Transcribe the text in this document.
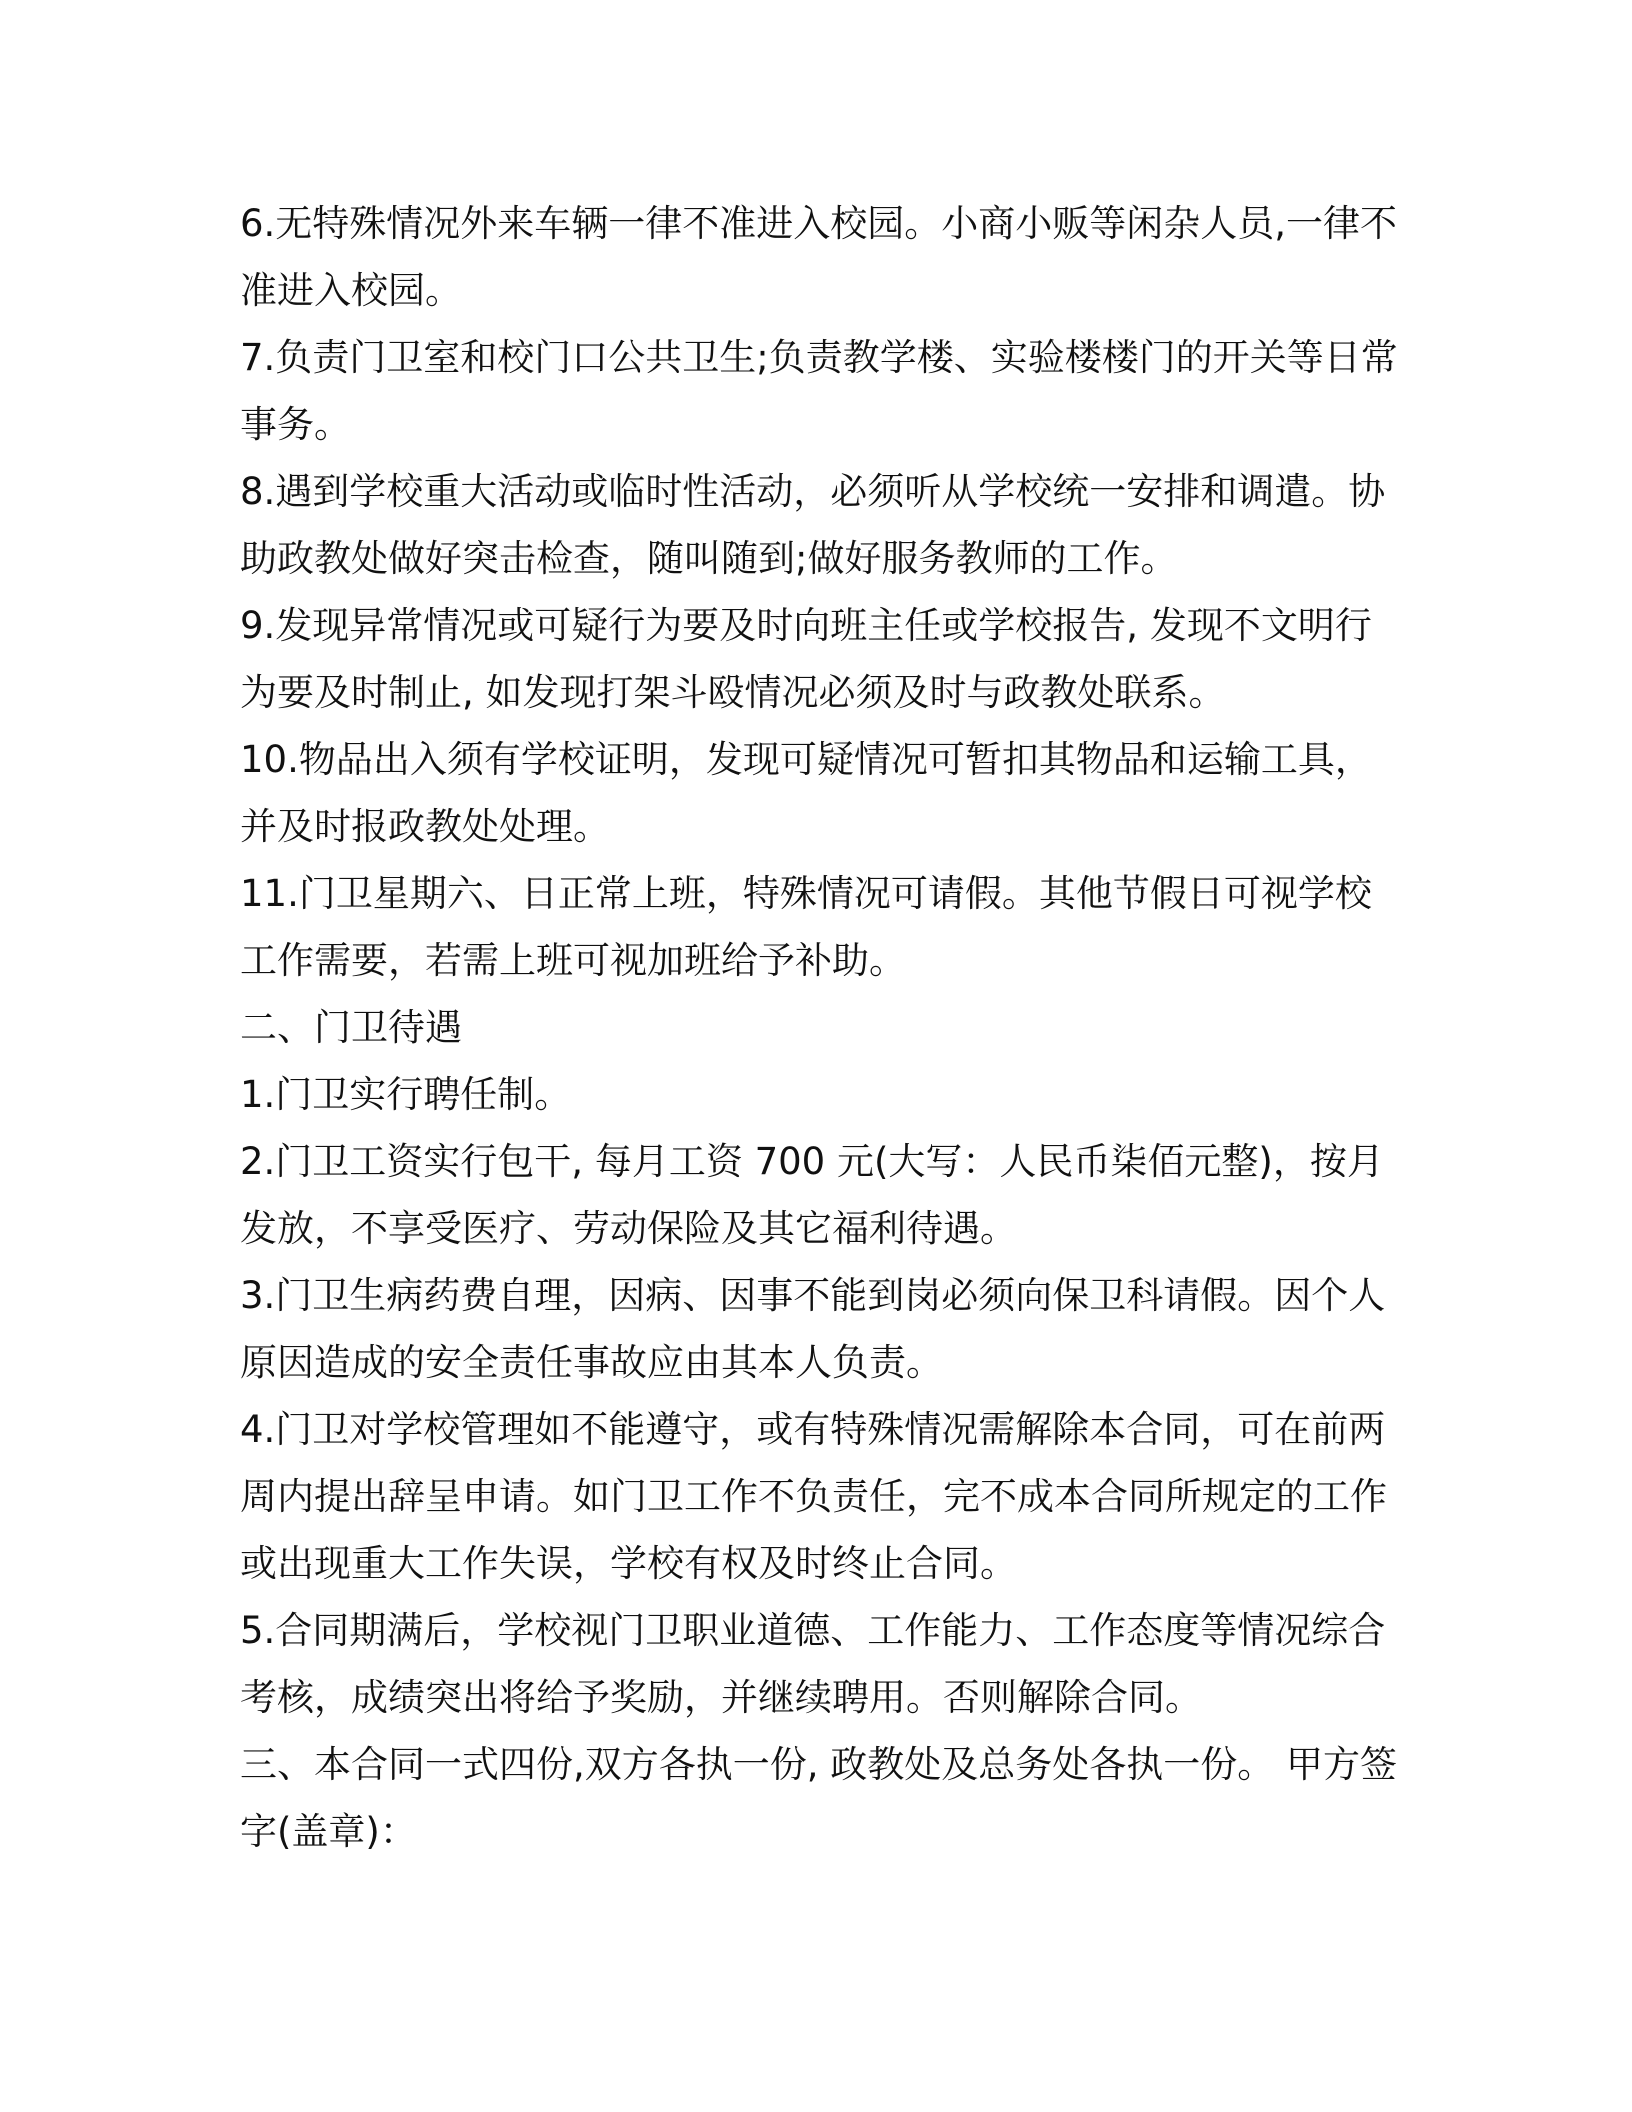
6.无特殊情况外来车辆一律不准进入校园。小商小贩等闲杂人员,一律不准进入校园。

7.负责门卫室和校门口公共卫生;负责教学楼、实验楼楼门的开关等日常事务。

8.遇到学校重大活动或临时性活动，必须听从学校统一安排和调遣。协助政教处做好突击检查，随叫随到;做好服务教师的工作。

9.发现异常情况或可疑行为要及时向班主任或学校报告, 发现不文明行为要及时制止, 如发现打架斗殴情况必须及时与政教处联系。

10.物品出入须有学校证明，发现可疑情况可暂扣其物品和运输工具，并及时报政教处处理。

11.门卫星期六、日正常上班，特殊情况可请假。其他节假日可视学校工作需要，若需上班可视加班给予补助。

二、门卫待遇

1.门卫实行聘任制。

2.门卫工资实行包干, 每月工资 700 元(大写：人民币柒佰元整)，按月发放，不享受医疗、劳动保险及其它福利待遇。

3.门卫生病药费自理，因病、因事不能到岗必须向保卫科请假。因个人原因造成的安全责任事故应由其本人负责。

4.门卫对学校管理如不能遵守，或有特殊情况需解除本合同，可在前两周内提出辞呈申请。如门卫工作不负责任，完不成本合同所规定的工作或出现重大工作失误，学校有权及时终止合同。

5.合同期满后，学校视门卫职业道德、工作能力、工作态度等情况综合考核，成绩突出将给予奖励，并继续聘用。否则解除合同。

三、本合同一式四份,双方各执一份, 政教处及总务处各执一份。 甲方签字(盖章)：
